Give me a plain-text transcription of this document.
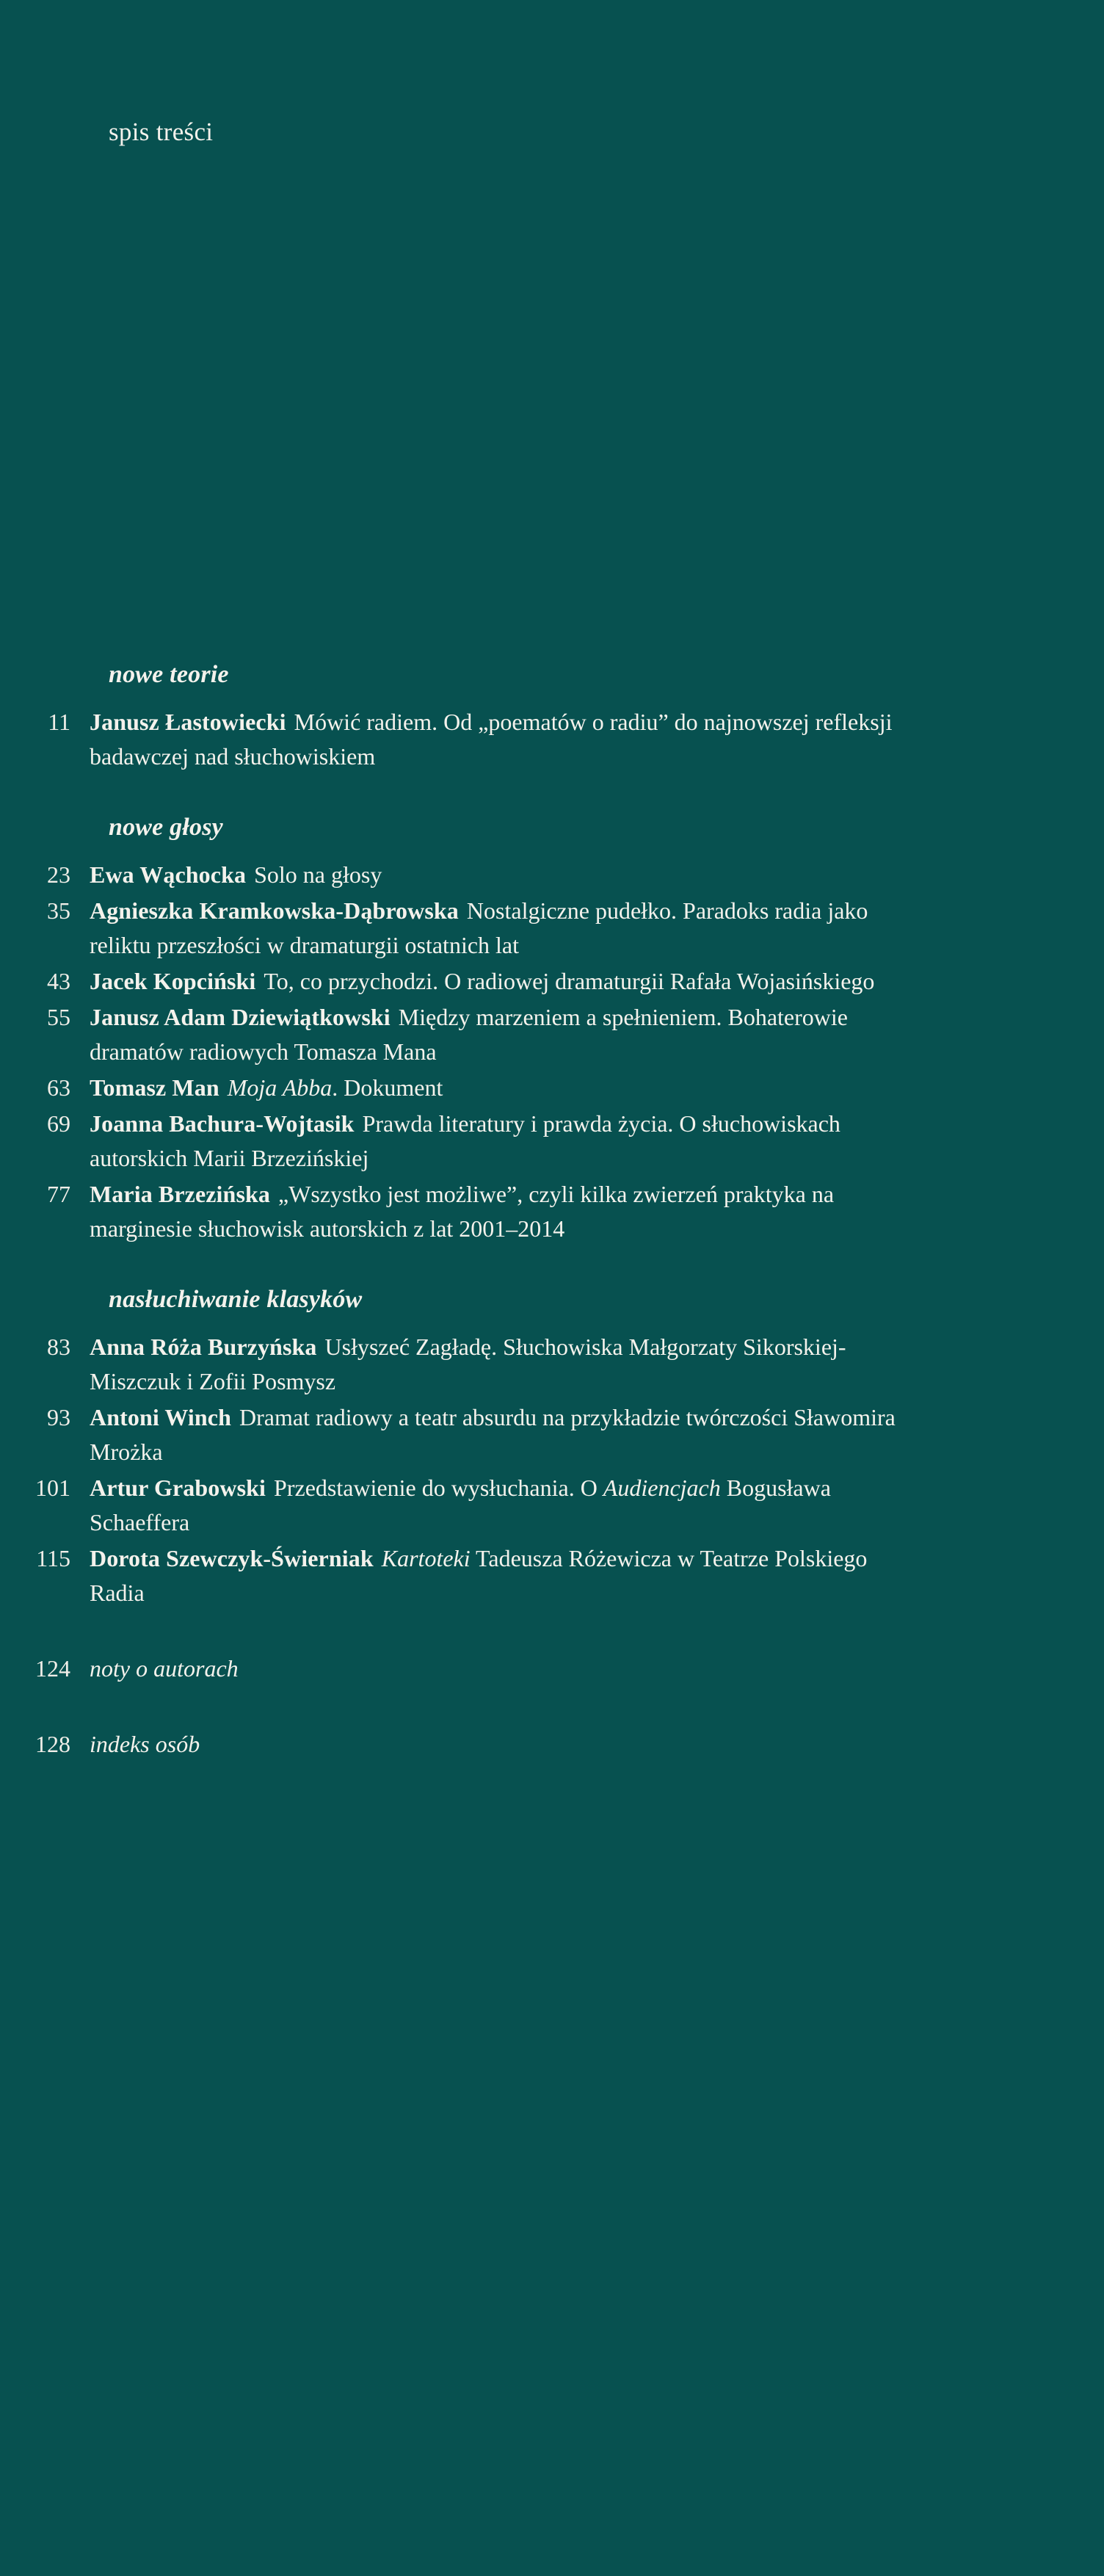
spis treści
nowe teorie
11 Janusz Łastowiecki Mówić radiem. Od „poematów o radiu” do najnowszej refleksji badawczej nad słuchowiskiem
nowe głosy
23 Ewa Wąchocka Solo na głosy
35 Agnieszka Kramkowska-Dąbrowska Nostalgiczne pudełko. Paradoks radia jako reliktu przeszłości w dramaturgii ostatnich lat
43 Jacek Kopciński To, co przychodzi. O radiowej dramaturgii Rafała Wojasińskiego
55 Janusz Adam Dziewiątkowski Między marzeniem a spełnieniem. Bohaterowie dramatów radiowych Tomasza Mana
63 Tomasz Man Moja Abba. Dokument
69 Joanna Bachura-Wojtasik Prawda literatury i prawda życia. O słuchowiskach autorskich Marii Brzezińskiej
77 Maria Brzezińska „Wszystko jest możliwe”, czyli kilka zwierzeń praktyka na marginesie słuchowisk autorskich z lat 2001–2014
nasłuchiwanie klasyków
83 Anna Róża Burzyńska Usłyszeć Zagładę. Słuchowiska Małgorzaty Sikorskiej-Miszczuk i Zofii Posmysz
93 Antoni Winch Dramat radiowy a teatr absurdu na przykładzie twórczości Sławomira Mrożka
101 Artur Grabowski Przedstawienie do wysłuchania. O Audiencjach Bogusława Schaeffera
115 Dorota Szewczyk-Świerniak Kartoteki Tadeusza Różewicza w Teatrze Polskiego Radia
124 noty o autorach
128 indeks osób
